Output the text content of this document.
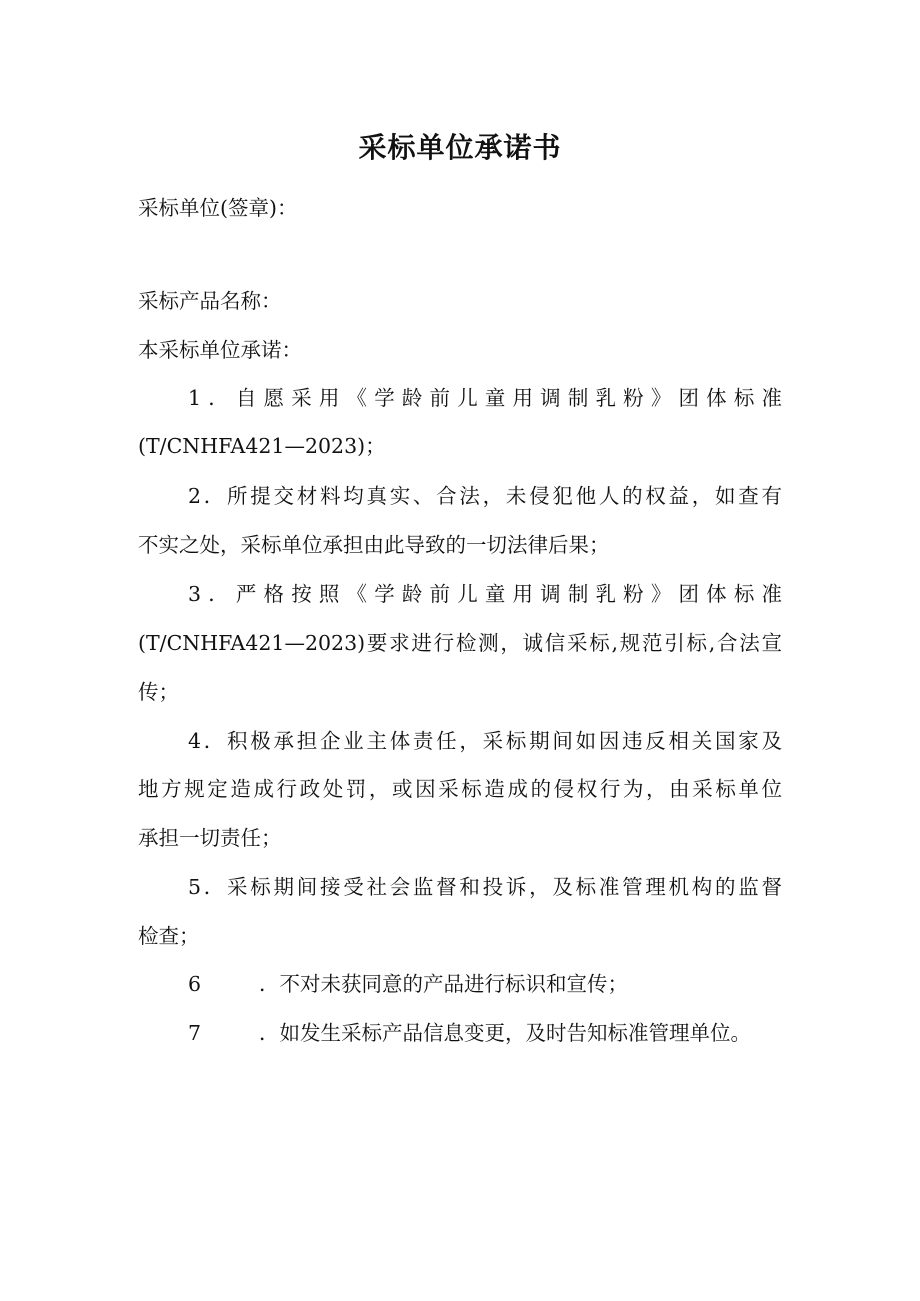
采标单位承诺书

采标单位(签章)：

采标产品名称：

本采标单位承诺：

1．自愿采用《学龄前儿童用调制乳粉》团体标准

(T/CNHFA421—2023)；

2．所提交材料均真实、合法，未侵犯他人的权益，如查有

不实之处，采标单位承担由此导致的一切法律后果；

3．严格按照《学龄前儿童用调制乳粉》团体标准

(T/CNHFA421—2023)要求进行检测，诚信采标,规范引标,合法宣

传；

4．积极承担企业主体责任，采标期间如因违反相关国家及

地方规定造成行政处罚，或因采标造成的侵权行为，由采标单位

承担一切责任；

5．采标期间接受社会监督和投诉，及标准管理机构的监督

检查；

6	．不对未获同意的产品进行标识和宣传；

7	．如发生采标产品信息变更，及时告知标准管理单位。
